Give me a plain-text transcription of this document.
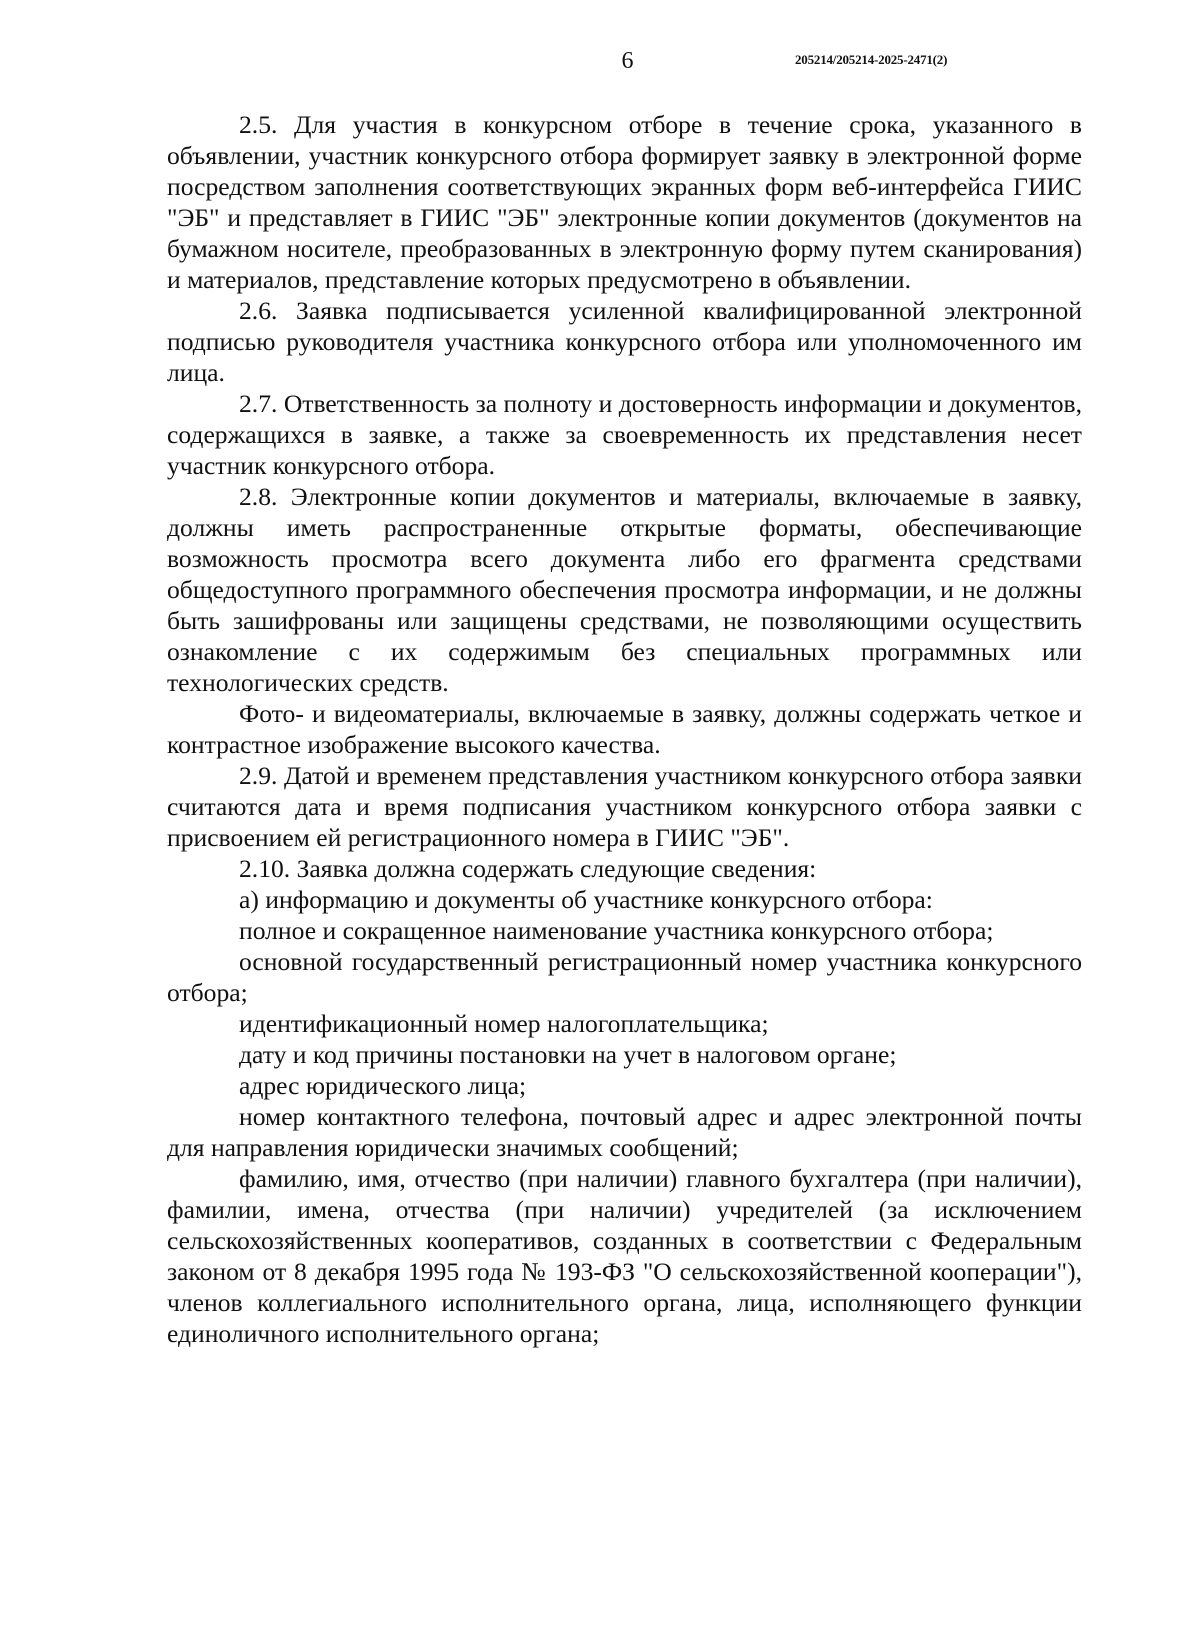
6	205214/205214-2025-2471(2)

2.5. Для участия в конкурсном отборе в течение срока, указанного в объявлении, участник конкурсного отбора формирует заявку в электронной форме посредством заполнения соответствующих экранных форм веб-интерфейса ГИИС "ЭБ" и представляет в ГИИС "ЭБ" электронные копии документов (документов на бумажном носителе, преобразованных в электронную форму путем сканирования) и материалов, представление которых предусмотрено в объявлении.

2.6. Заявка подписывается усиленной квалифицированной электронной подписью руководителя участника конкурсного отбора или уполномоченного им лица.

2.7. Ответственность за полноту и достоверность информации и документов, содержащихся в заявке, а также за своевременность их представления несет участник конкурсного отбора.

2.8. Электронные копии документов и материалы, включаемые в заявку, должны иметь распространенные открытые форматы, обеспечивающие возможность просмотра всего документа либо его фрагмента средствами общедоступного программного обеспечения просмотра информации, и не должны быть зашифрованы или защищены средствами, не позволяющими осуществить ознакомление с их содержимым без специальных программных или технологических средств.

Фото- и видеоматериалы, включаемые в заявку, должны содержать четкое и контрастное изображение высокого качества.

2.9. Датой и временем представления участником конкурсного отбора заявки считаются дата и время подписания участником конкурсного отбора заявки с присвоением ей регистрационного номера в ГИИС "ЭБ".

2.10. Заявка должна содержать следующие сведения:

а) информацию и документы об участнике конкурсного отбора:

полное и сокращенное наименование участника конкурсного отбора;

основной государственный регистрационный номер участника конкурсного отбора;

идентификационный номер налогоплательщика;

дату и код причины постановки на учет в налоговом органе;

адрес юридического лица;

номер контактного телефона, почтовый адрес и адрес электронной почты для направления юридически значимых сообщений;

фамилию, имя, отчество (при наличии) главного бухгалтера (при наличии), фамилии, имена, отчества (при наличии) учредителей (за исключением сельскохозяйственных кооперативов, созданных в соответствии с Федеральным законом от 8 декабря 1995 года № 193-ФЗ "О сельскохозяйственной кооперации"), членов коллегиального исполнительного органа, лица, исполняющего функции единоличного исполнительного органа;
